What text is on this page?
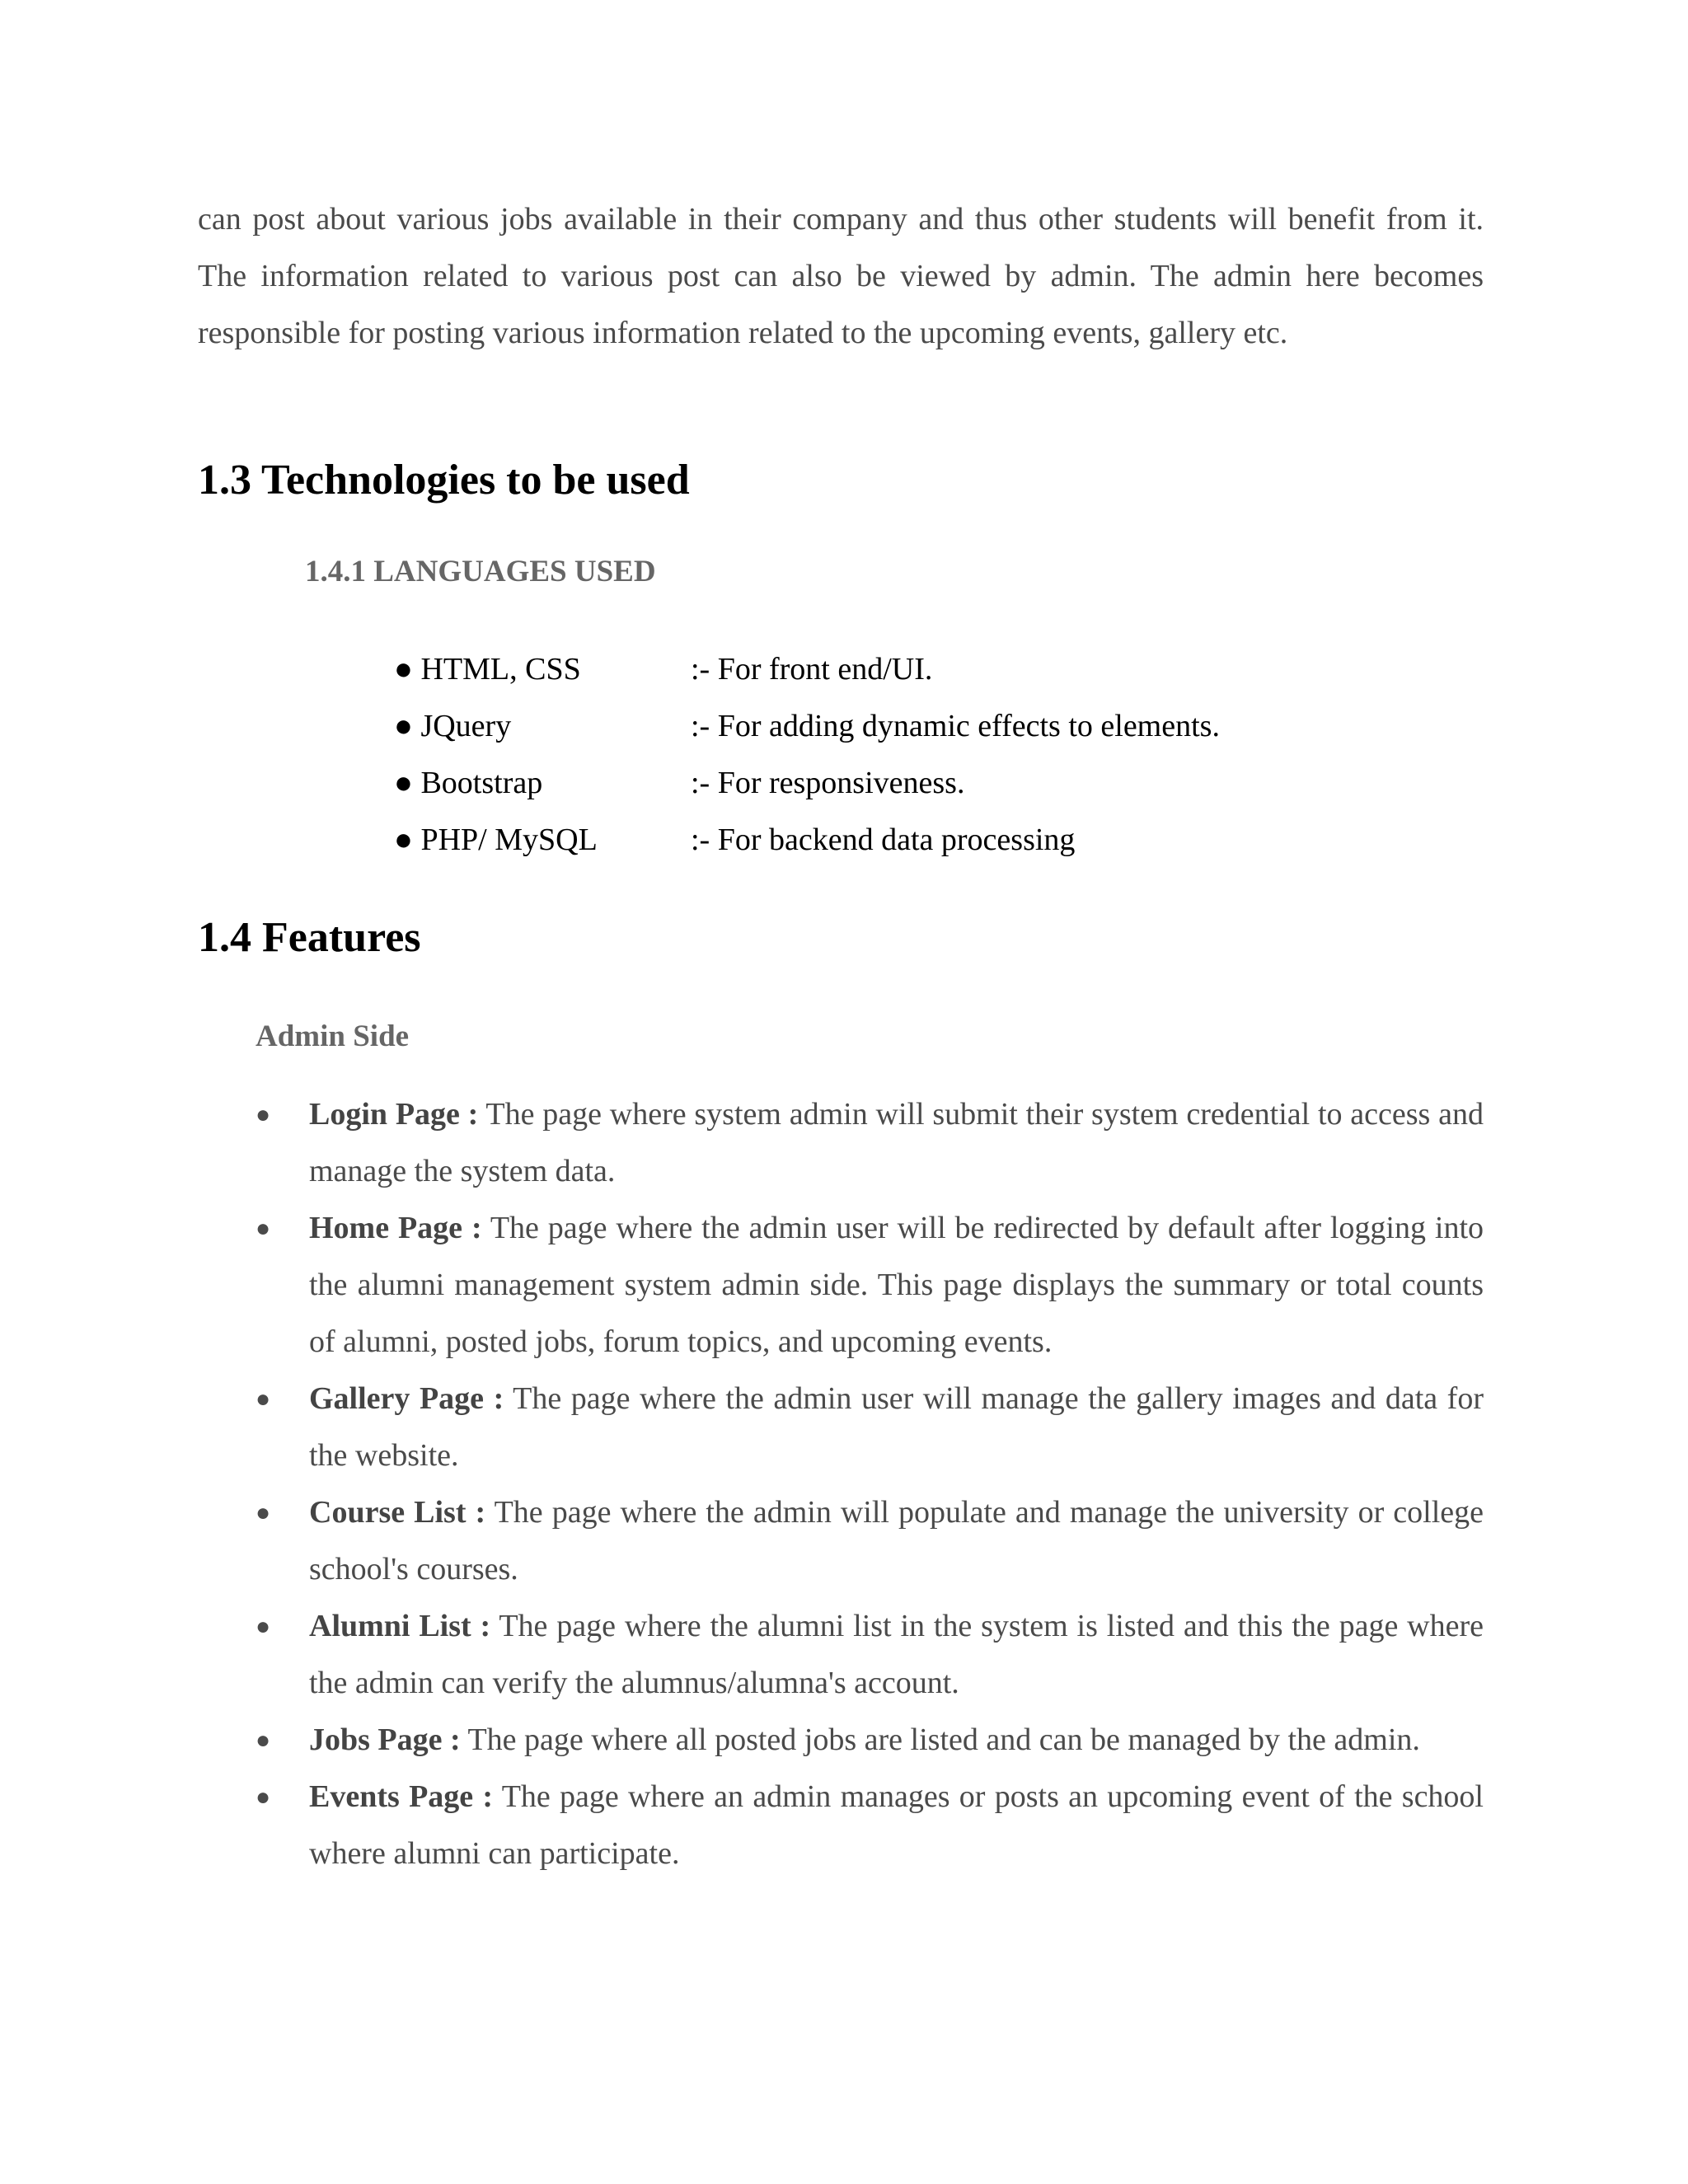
can post about various jobs available in their company and thus other students will benefit from it. The information related to various post can also be viewed by admin. The admin here becomes responsible for posting various information related to the upcoming events, gallery etc.

1.3 Technologies to be used
1.4.1 LANGUAGES USED
● HTML, CSS	:- For front end/UI.
● JQuery	:- For adding dynamic effects to elements.
● Bootstrap	:- For responsiveness.
● PHP/ MySQL	:- For backend data processing
1.4 Features
Admin Side
● Login Page : The page where system admin will submit their system credential to access and manage the system data.
● Home Page : The page where the admin user will be redirected by default after logging into the alumni management system admin side. This page displays the summary or total counts of alumni, posted jobs, forum topics, and upcoming events.
● Gallery Page : The page where the admin user will manage the gallery images and data for the website.
● Course List : The page where the admin will populate and manage the university or college school's courses.
● Alumni List : The page where the alumni list in the system is listed and this the page where the admin can verify the alumnus/alumna's account.
● Jobs Page : The page where all posted jobs are listed and can be managed by the admin.
● Events Page : The page where an admin manages or posts an upcoming event of the school where alumni can participate.
